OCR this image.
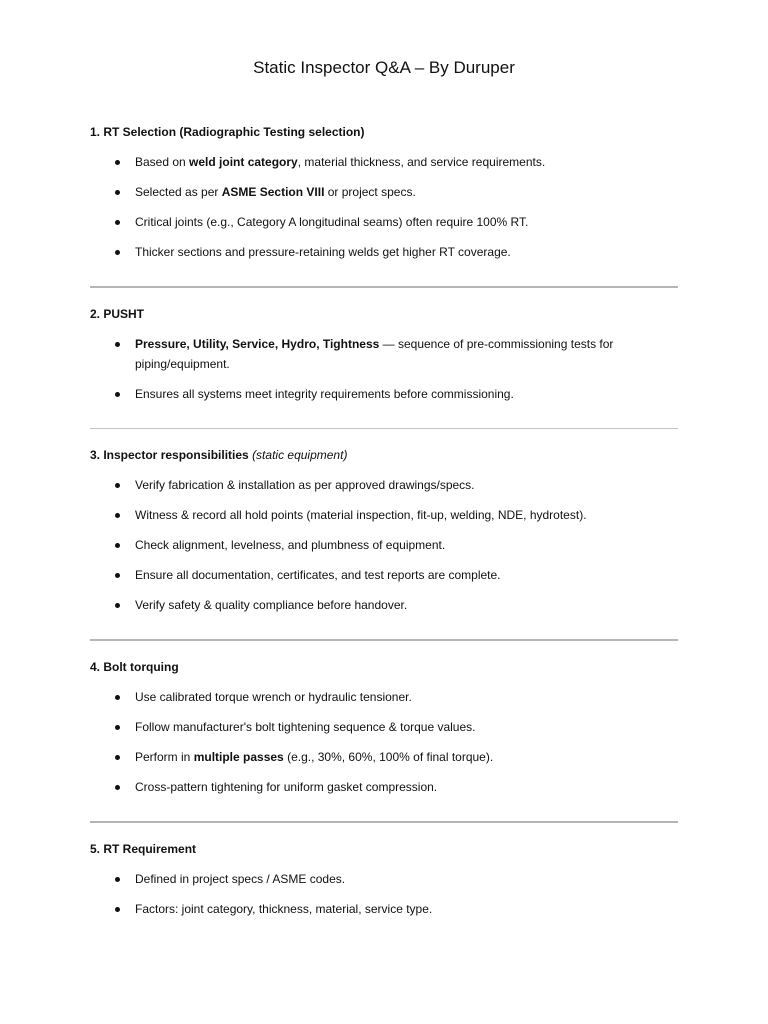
Static Inspector Q&A – By Duruper

1. RT Selection (Radiographic Testing selection)

Based on weld joint category, material thickness, and service requirements.
Selected as per ASME Section VIII or project specs.
Critical joints (e.g., Category A longitudinal seams) often require 100% RT.
Thicker sections and pressure-retaining welds get higher RT coverage.

2. PUSHT

Pressure, Utility, Service, Hydro, Tightness — sequence of pre-commissioning tests for piping/equipment.
Ensures all systems meet integrity requirements before commissioning.

3. Inspector responsibilities (static equipment)

Verify fabrication & installation as per approved drawings/specs.
Witness & record all hold points (material inspection, fit-up, welding, NDE, hydrotest).
Check alignment, levelness, and plumbness of equipment.
Ensure all documentation, certificates, and test reports are complete.
Verify safety & quality compliance before handover.

4. Bolt torquing

Use calibrated torque wrench or hydraulic tensioner.
Follow manufacturer's bolt tightening sequence & torque values.
Perform in multiple passes (e.g., 30%, 60%, 100% of final torque).
Cross-pattern tightening for uniform gasket compression.

5. RT Requirement

Defined in project specs / ASME codes.
Factors: joint category, thickness, material, service type.
